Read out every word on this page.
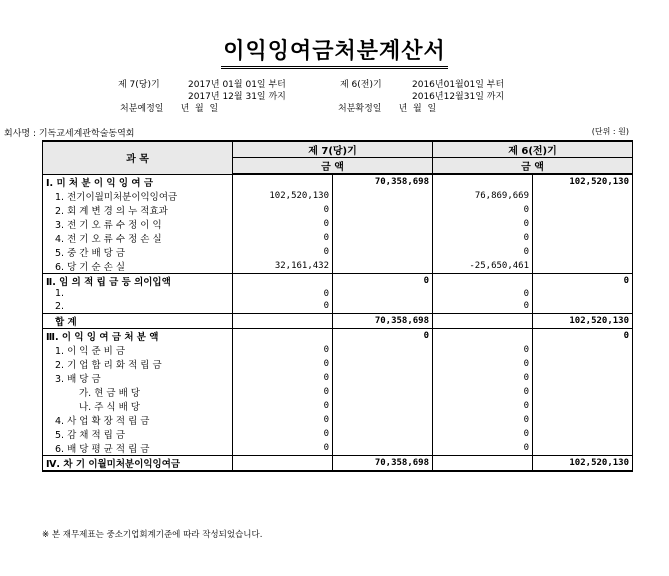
이익잉여금처분계산서
제 7(당)기	2017년 01월 01일 부터
2017년 12월 31일 까지
처분예정일      년  월  일
제 6(전)기	2016년01월01일 부터
2016년12월31일 까지
처분확정일      년  월  일
회사명 : 기독교세계관학술동역회	(단위 : 원)
과 목	제 7(당)기		제 6(전)기	
	금 액		금 액	
Ⅰ. 미 처 분 이 익 잉 여 금		70,358,698		102,520,130
1. 전기이월미처분이익잉여금	102,520,130		76,869,669	
2. 회 계 변 경 의 누 적효과	0		0	
3. 전 기 오 류 수 정 이 익	0		0	
4. 전 기 오 류 수 정 손 실	0		0	
5. 중 간 배 당 금	0		0	
6. 당 기 순 손 실	32,161,432		-25,650,461	
Ⅱ. 임 의 적 립 금 등 의이입액		0		0
1.	0		0	
2.	0		0	
합 계		70,358,698		102,520,130
Ⅲ. 이 익 잉 여 금 처 분 액		0		0
1. 이 익 준 비 금	0		0	
2. 기 업 합 리 화 적 립 금	0		0	
3. 배 당 금	0		0	
가. 현 금 배 당	0		0	
나. 주 식 배 당	0		0	
4. 사 업 확 장 적 립 금	0		0	
5. 감 채 적 립 금	0		0	
6. 배 당 평 균 적 립 금	0		0	
Ⅳ. 차 기 이월미처분이익잉여금		70,358,698		102,520,130
※ 본 재무제표는 중소기업회계기준에 따라 작성되었습니다.
